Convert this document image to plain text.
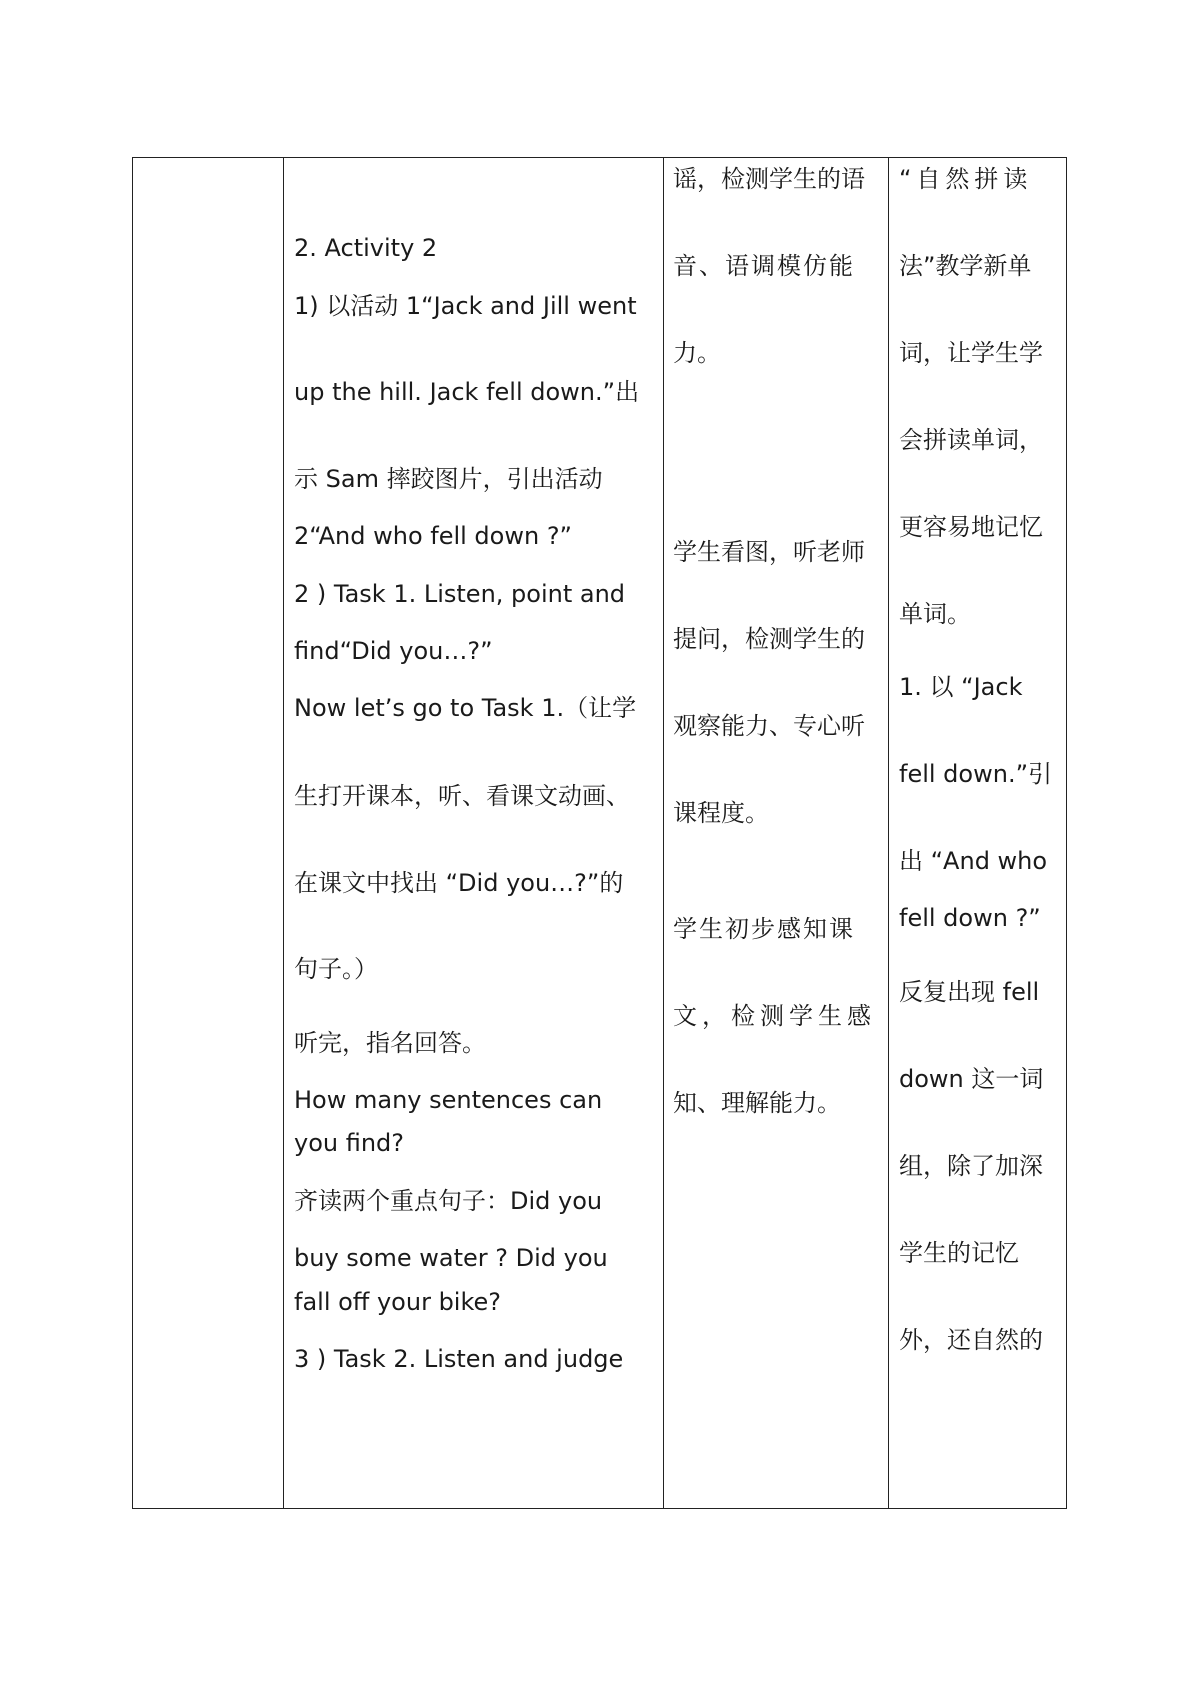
2. Activity 2
1) 以活动 1“Jack and Jill went
up the hill. Jack fell down.”出
示 Sam 摔跤图片，引出活动
2“And who fell down ?”
2 ) Task 1. Listen, point and
find“Did you…?”
Now let’s go to Task 1.（让学
生打开课本，听、看课文动画、
在课文中找出 “Did you…?”的
句子。）
听完，指名回答。
How many sentences can
you find?
齐读两个重点句子：Did you
buy some water ? Did you
fall off your bike?
3 ) Task 2. Listen and judge
谣，检测学生的语
音、语调模仿能
力。
学生看图，听老师
提问，检测学生的
观察能力、专心听
课程度。
学生初步感知课
文，检测学生感
知、理解能力。
“自然拼读
法”教学新单
词，让学生学
会拼读单词，
更容易地记忆
单词。
1. 以 “Jack
fell down.”引
出 “And who
fell down ?”
反复出现 fell
down 这一词
组，除了加深
学生的记忆
外，还自然的
